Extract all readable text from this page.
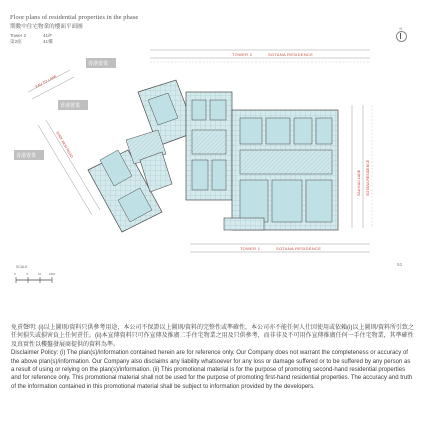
Floor plans of residential properties in the phase
期數中住宅物業的樓面平面圖
Tower 2	41/F
第2座	41樓
N
TOWER 2	SOTANA RESIDENCE
TOWER 1	SOTANA RESIDENCE
KAU TO LANE
SHEK MUN ROAD
SAU KAU LANE SOTANA RESIDENCE
香港置業
香港置業
香港置業
SCALE
0	5	10	15M
53

免責聲明: (i)以上圖則/資料只供參考用途，本公司不保證以上圖則/資料的完整性或準確性，本公司亦不能任何人仕因使用或依賴(i)以上圖則/資料所引致之任何損失或損害負上任何責任。(ii)本宣傳資料只可作宣傳及推廣二手住宅物業之用及只供參考，而非非及不可用作宣傳推廣任何一手住宅物業，其準確性及真實性以樓盤發展商提供的資料為準。

Disclaimer Policy: (i) The plan(s)/information contained herein are for reference only. Our Company does not warrant the completeness or accuracy of the above plan(s)/information. Our Company also disclaims any liability whatsoever for any loss or damage suffered or to be suffered by any person as a result of using or relying on the plan(s)/information. (ii) This promotional material is for the purpose of promoting second-hand residential properties and for reference only. This promotional material shall not be used for the purpose of promoting first-hand residential properties. The accuracy and truth of the information contained in this promotional material shall be subject to information provided by the developers.
